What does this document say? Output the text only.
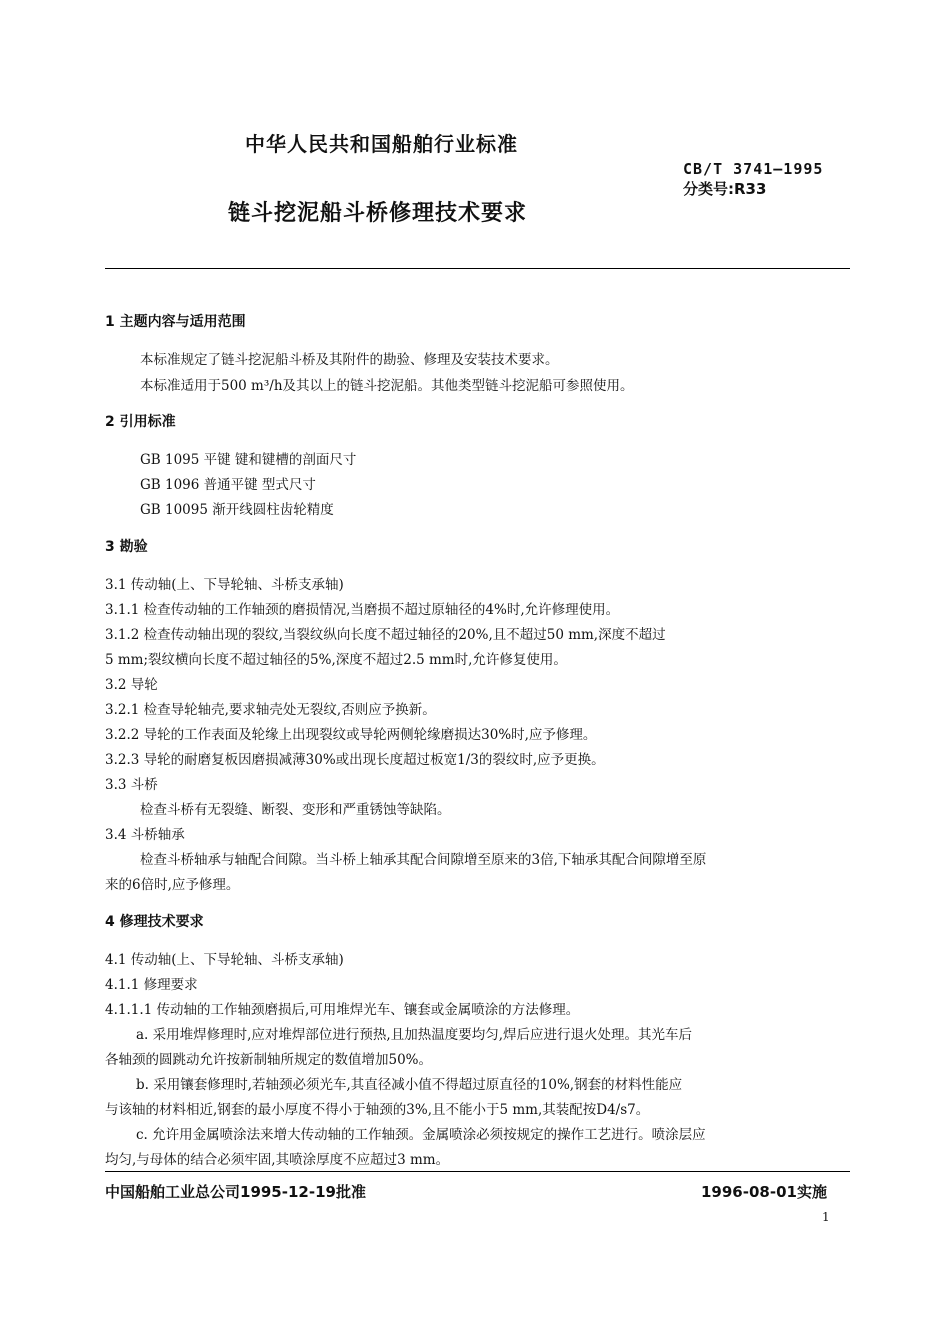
中华人民共和国船舶行业标准
CB/T 3741—1995
分类号:R33
链斗挖泥船斗桥修理技术要求
1 主题内容与适用范围
本标准规定了链斗挖泥船斗桥及其附件的勘验、修理及安装技术要求。
本标准适用于500 m³/h及其以上的链斗挖泥船。其他类型链斗挖泥船可参照使用。
2 引用标准
GB 1095 平键 键和键槽的剖面尺寸
GB 1096 普通平键 型式尺寸
GB 10095 渐开线圆柱齿轮精度
3 勘验
3.1 传动轴(上、下导轮轴、斗桥支承轴)
3.1.1 检查传动轴的工作轴颈的磨损情况,当磨损不超过原轴径的4%时,允许修理使用。
3.1.2 检查传动轴出现的裂纹,当裂纹纵向长度不超过轴径的20%,且不超过50 mm,深度不超过
5 mm;裂纹横向长度不超过轴径的5%,深度不超过2.5 mm时,允许修复使用。
3.2 导轮
3.2.1 检查导轮轴壳,要求轴壳处无裂纹,否则应予换新。
3.2.2 导轮的工作表面及轮缘上出现裂纹或导轮两侧轮缘磨损达30%时,应予修理。
3.2.3 导轮的耐磨复板因磨损减薄30%或出现长度超过板宽1/3的裂纹时,应予更换。
3.3 斗桥
检查斗桥有无裂缝、断裂、变形和严重锈蚀等缺陷。
3.4 斗桥轴承
检查斗桥轴承与轴配合间隙。当斗桥上轴承其配合间隙增至原来的3倍,下轴承其配合间隙增至原
来的6倍时,应予修理。
4 修理技术要求
4.1 传动轴(上、下导轮轴、斗桥支承轴)
4.1.1 修理要求
4.1.1.1 传动轴的工作轴颈磨损后,可用堆焊光车、镶套或金属喷涂的方法修理。
a. 采用堆焊修理时,应对堆焊部位进行预热,且加热温度要均匀,焊后应进行退火处理。其光车后
各轴颈的圆跳动允许按新制轴所规定的数值增加50%。
b. 采用镶套修理时,若轴颈必须光车,其直径减小值不得超过原直径的10%,钢套的材料性能应
与该轴的材料相近,钢套的最小厚度不得小于轴颈的3%,且不能小于5 mm,其装配按D4/s7。
c. 允许用金属喷涂法来增大传动轴的工作轴颈。金属喷涂必须按规定的操作工艺进行。喷涂层应
均匀,与母体的结合必须牢固,其喷涂厚度不应超过3 mm。
中国船舶工业总公司1995-12-19批准	1996-08-01实施
1
